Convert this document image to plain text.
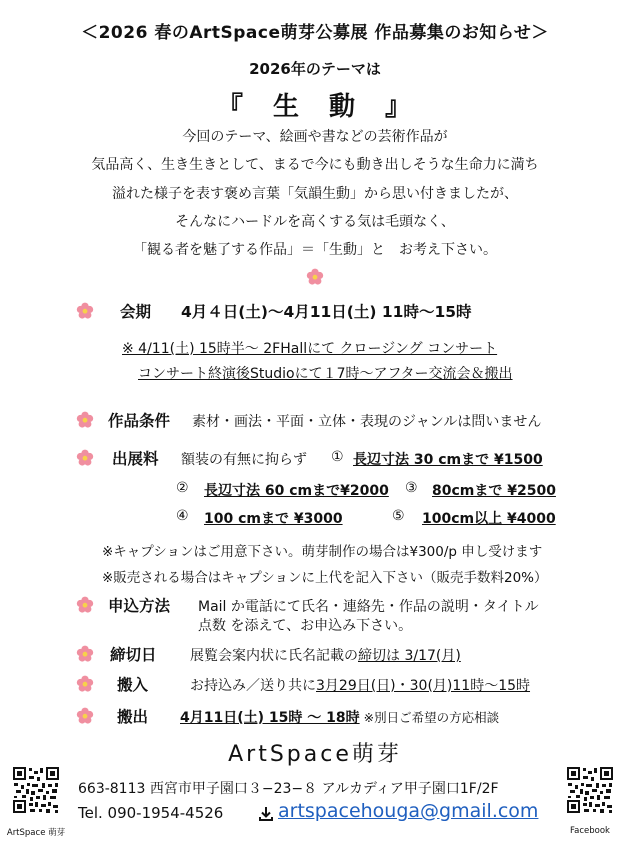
＜2026 春のArtSpace萌芽公募展 作品募集のお知らせ＞
2026年のテーマは
『　生　動　』
今回のテーマ、絵画や書などの芸術作品が
気品高く、生き生きとして、まるで今にも動き出しそうな生命力に満ち
溢れた様子を表す褒め言葉「気韻生動」から思い付きましたが、
そんなにハードルを高くする気は毛頭なく、
「観る者を魅了する作品」＝「生動」と　お考え下さい。
会期 4月４日(土)～4月11日(土) 11時～15時
※ 4/11(土) 15時半～ 2FHallにて クロージング コンサート
コンサート終演後Studioにて１7時～アフター交流会＆搬出
作品条件 素材・画法・平面・立体・表現のジャンルは問いません
出展料 額装の有無に拘らず ① 長辺寸法 30 cmまで ¥1500
② 長辺寸法 60 cmまで¥2000 ③ 80cmまで ¥2500
④ 100 cmまで ¥3000	⑤ 100cm以上 ¥4000
※キャプションはご用意下さい。萌芽制作の場合は¥300/p 申し受けます
※販売される場合はキャプションに上代を記入下さい（販売手数料20%）
申込方法 Mail か電話にて氏名・連絡先・作品の説明・タイトル
点数 を添えて、お申込み下さい。
締切日 展覧会案内状に氏名記載の締切は 3/17(月)
搬入	お持込み／送り共に3月29日(日)・30(月)11時～15時
搬出 4月11日(土) 15時 ～ 18時 ※別日ご希望の方応相談
ArtSpace萌芽
ArtSpace 萌芽
663-8113 西宮市甲子園口３−23−８ アルカディア甲子園口1F/2F
Tel. 090-1954-4526	artspacehouga@gmail.com
Facebook
